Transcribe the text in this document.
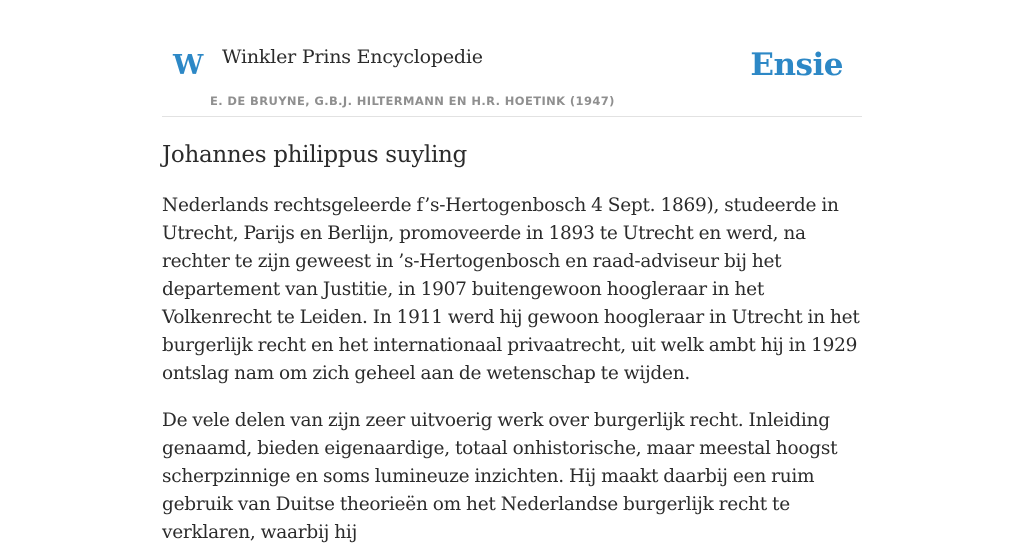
W Winkler Prins Encyclopedie
E. DE BRUYNE, G.B.J. HILTERMANN EN H.R. HOETINK (1947)
Ensie
Johannes philippus suyling

Nederlands rechtsgeleerde f’s-Hertogenbosch 4 Sept. 1869), studeerde in Utrecht, Parijs en Berlijn, promoveerde in 1893 te Utrecht en werd, na rechter te zijn geweest in ’s-Hertogenbosch en raad-adviseur bij het departement van Justitie, in 1907 buitengewoon hoogleraar in het Volkenrecht te Leiden. In 1911 werd hij gewoon hoogleraar in Utrecht in het burgerlijk recht en het internationaal privaatrecht, uit welk ambt hij in 1929 ontslag nam om zich geheel aan de wetenschap te wijden.

De vele delen van zijn zeer uitvoerig werk over burgerlijk recht. Inleiding genaamd, bieden eigenaardige, totaal onhistorische, maar meestal hoogst scherpzinnige en soms lumineuze inzichten. Hij maakt daarbij een ruim gebruik van Duitse theorieën om het Nederlandse burgerlijk recht te verklaren, waarbij hij
